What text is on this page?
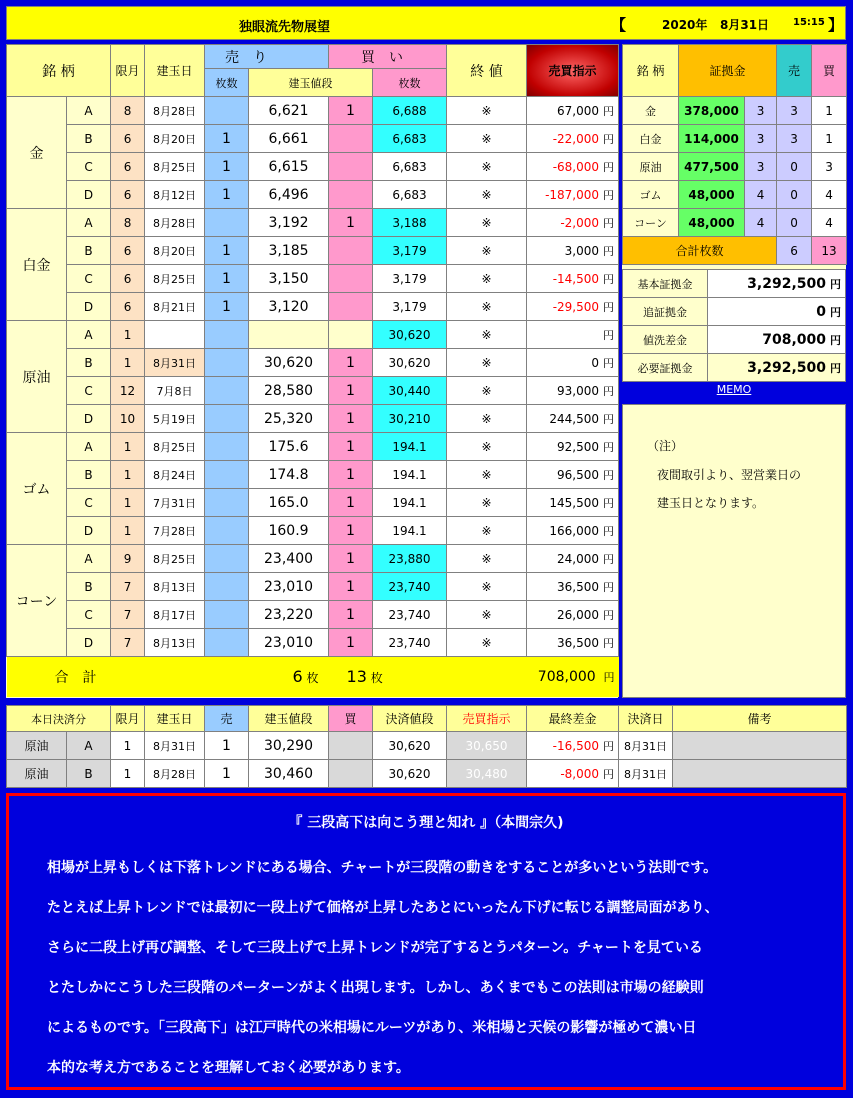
独眼流先物展望	【	2020年 8月31日 15:15 】
銘 柄		限月	建玉日	売　り		買　い		終 値	売買指示	
				枚数	建玉値段		枚数			
金	A	8	8月28日		6,621	1	6,688	※	67,000 円	
	B	6	8月20日	1	6,661		6,683	※	-22,000 円	
	C	6	8月25日	1	6,615		6,683	※	-68,000 円	
	D	6	8月12日	1	6,496		6,683	※	-187,000 円	
白金	A	8	8月28日		3,192	1	3,188	※	-2,000 円	
	B	6	8月20日	1	3,185		3,179	※	3,000 円	
	C	6	8月25日	1	3,150		3,179	※	-14,500 円	
	D	6	8月21日	1	3,120		3,179	※	-29,500 円	
原油	A	1					30,620	※	円	
	B	1	8月31日		30,620	1	30,620	※	0 円	
	C	12	7月8日		28,580	1	30,440	※	93,000 円	
	D	10	5月19日		25,320	1	30,210	※	244,500 円	
ゴム	A	1	8月25日		175.6	1	194.1	※	92,500 円	
	B	1	8月24日		174.8	1	194.1	※	96,500 円	
	C	1	7月31日		165.0	1	194.1	※	145,500 円	
	D	1	7月28日		160.9	1	194.1	※	166,000 円	
コーン	A	9	8月25日		23,400	1	23,880	※	24,000 円	
	B	7	8月13日		23,010	1	23,740	※	36,500 円	
	C	7	8月17日		23,220	1	23,740	※	26,000 円	
	D	7	8月13日		23,010	1	23,740	※	36,500 円	
合　計			6 枚			13 枚		708,000 円		
銘 柄	証拠金		売	買
金	378,000	3	3	1
白金	114,000	3	3	1
原油	477,500	3	0	3
ゴム	48,000	4	0	4
コーン	48,000	4	0	4
合計枚数			6	13
基本証拠金	3,292,500 円
追証拠金	0 円
値洗差金	708,000 円
必要証拠金	3,292,500 円
MEMO
（注）
夜間取引より、翌営業日の
建玉日となります。
本日決済分		限月	建玉日	売	建玉値段	買	決済値段	売買指示	最終差金	決済日	備考
原油	A	1	8月31日	1	30,290		30,620	30,650	-16,500 円	8月31日	
原油	B	1	8月28日	1	30,460		30,620	30,480	-8,000 円	8月31日	
『 三段高下は向こう理と知れ 』（本間宗久)
相場が上昇もしくは下落トレンドにある場合、チャートが三段階の動きをすることが多いという法則です。
たとえば上昇トレンドでは最初に一段上げて価格が上昇したあとにいったん下げに転じる調整局面があり、
さらに二段上げ再び調整、そして三段上げで上昇トレンドが完了するとうパターン。チャートを見ている
とたしかにこうした三段階のパーターンがよく出現します。しかし、あくまでもこの法則は市場の経験則
によるものです。「三段高下」は江戸時代の米相場にルーツがあり、米相場と天候の影響が極めて濃い日
本的な考え方であることを理解しておく必要があります。
